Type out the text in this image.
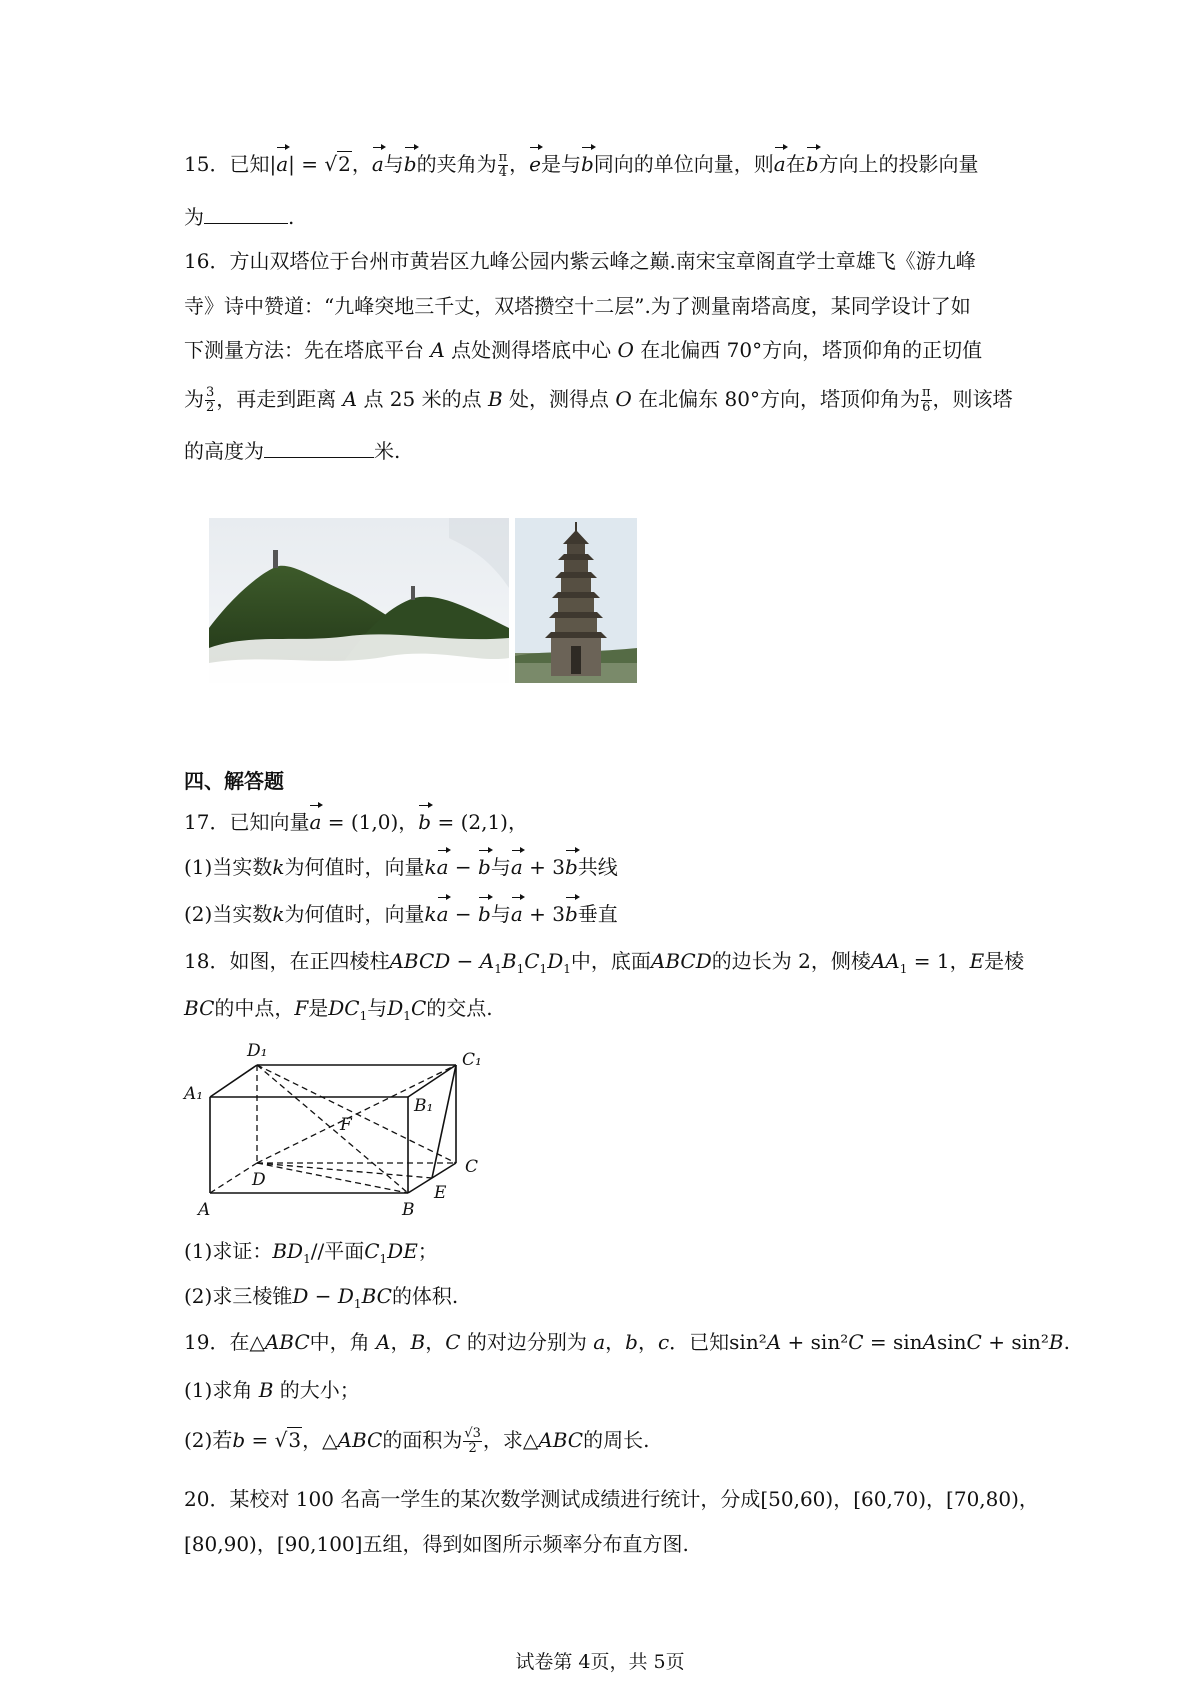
15．已知|a| = √2，a与b的夹角为 $\frac{\pi}{4}$ ，e是与b同向的单位向量，则a在b方向上的投影向量
为	.
16．方山双塔位于台州市黄岩区九峰公园内紫云峰之巅.南宋宝章阁直学士章雄飞《游九峰
寺》诗中赞道：“九峰突地三千丈，双塔攒空十二层”.为了测量南塔高度，某同学设计了如
下测量方法：先在塔底平台 A 点处测得塔底中心 O 在北偏西 70°方向，塔顶仰角的正切值
为 $\frac{3}{2}$ ，再走到距离 A 点 25 米的点 B 处，测得点 O 在北偏东 80°方向，塔顶仰角为 $\frac{\pi}{6}$ ，则该塔
的高度为	米.
四、解答题
17．已知向量a = (1,0)，b = (2,1)，
(1)当实数k为何值时，向量ka − b与a + 3b共线
(2)当实数k为何值时，向量ka − b与a + 3b垂直
18．如图，在正四棱柱ABCD − $A_1B_1C_1D_1$中，底面ABCD的边长为 2，侧棱$AA_1 = 1$，E是棱
BC的中点，F是$DC_1$与$D_1C$的交点.
D₁	C₁
A₁
B₁
F
D
C
E
A	B
(1)求证：$BD_1//$平面$C_1DE$；
(2)求三棱锥$D - D_1BC$的体积.
19．在△ABC中，角 A，B，C 的对边分别为 a，b，c．已知sin²A + sin²C = sinAsinC + sin²B.
(1)求角 B 的大小；
(2)若b = √3，△ABC的面积为 $\frac{√3}{2}$ ，求△ABC的周长.
20．某校对 100 名高一学生的某次数学测试成绩进行统计，分成[50,60)，[60,70)，[70,80)，
[80,90)，[90,100]五组，得到如图所示频率分布直方图.
试卷第 4页，共 5页
